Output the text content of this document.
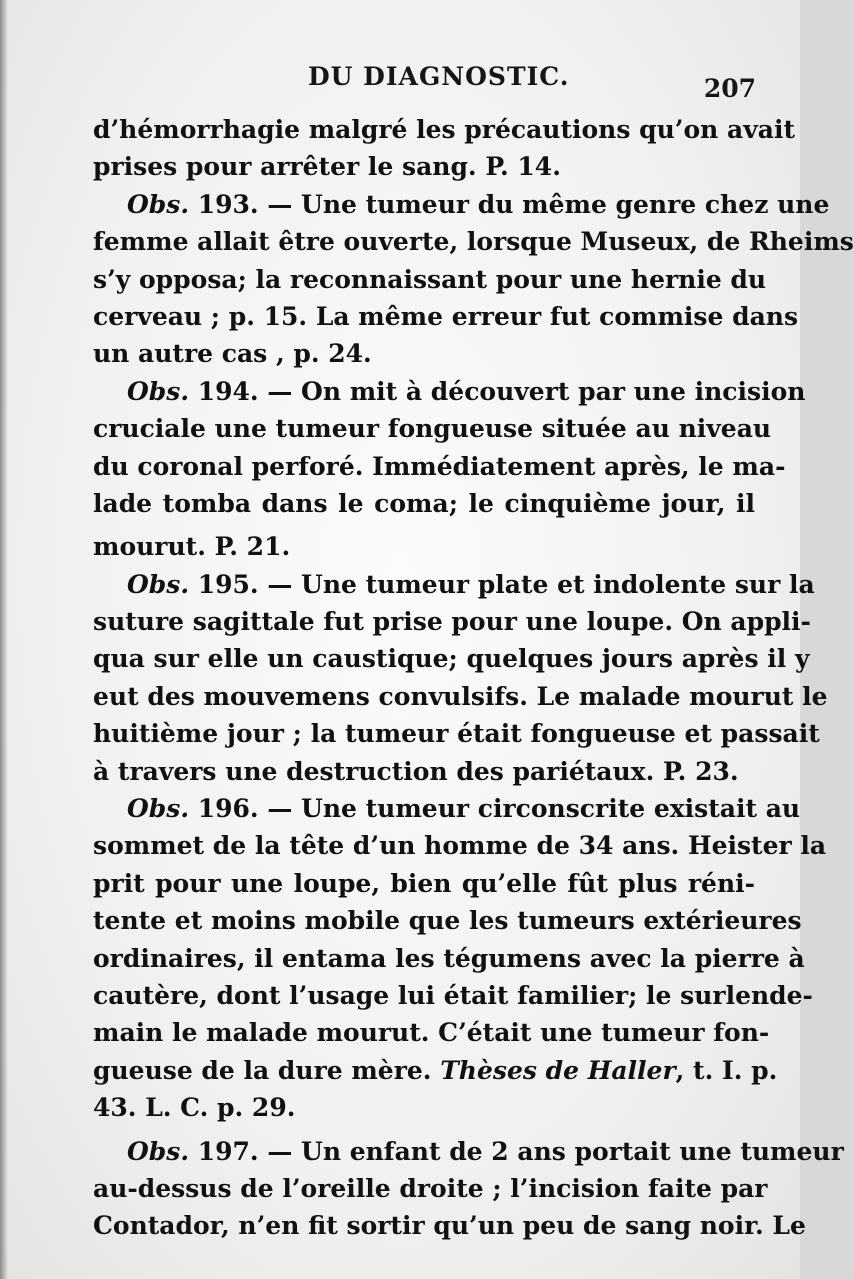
DU DIAGNOSTIC.	207
d’hémorrhagie malgré les précautions qu’on avait
prises pour arrêter le sang. P. 14.
Obs. 193. — Une tumeur du même genre chez une
femme allait être ouverte, lorsque Museux, de Rheims
s’y opposa; la reconnaissant pour une hernie du
cerveau ; p. 15. La même erreur fut commise dans
un autre cas , p. 24.
Obs. 194. — On mit à découvert par une incision
cruciale une tumeur fongueuse située au niveau
du coronal perforé. Immédiatement après, le ma-
lade tomba dans le coma; le cinquième jour, il
mourut. P. 21.
Obs. 195. — Une tumeur plate et indolente sur la
suture sagittale fut prise pour une loupe. On appli-
qua sur elle un caustique; quelques jours après il y
eut des mouvemens convulsifs. Le malade mourut le
huitième jour ; la tumeur était fongueuse et passait
à travers une destruction des pariétaux. P. 23.
Obs. 196. — Une tumeur circonscrite existait au
sommet de la tête d’un homme de 34 ans. Heister la
prit pour une loupe, bien qu’elle fût plus réni-
tente et moins mobile que les tumeurs extérieures
ordinaires, il entama les tégumens avec la pierre à
cautère, dont l’usage lui était familier; le surlende-
main le malade mourut. C’était une tumeur fon-
gueuse de la dure mère. Thèses de Haller, t. I. p.
43. L. C. p. 29.
Obs. 197. — Un enfant de 2 ans portait une tumeur
au-dessus de l’oreille droite ; l’incision faite par
Contador, n’en fit sortir qu’un peu de sang noir. Le
